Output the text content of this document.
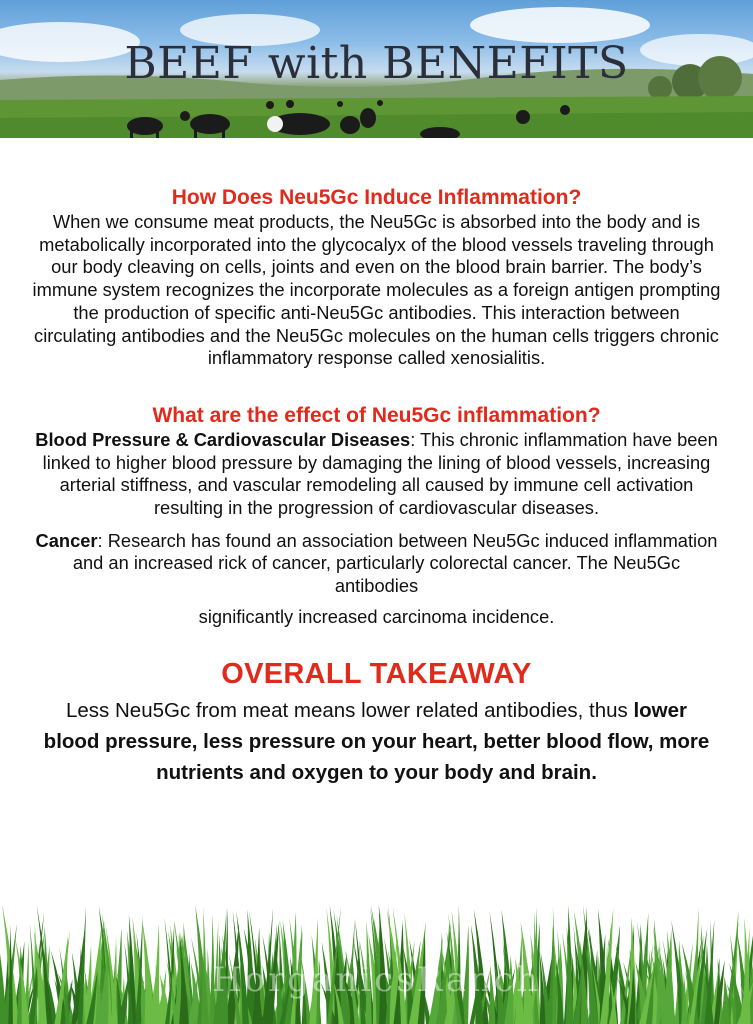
BEEF with BENEFITS
How Does Neu5Gc Induce Inflammation?

When we consume meat products, the Neu5Gc is absorbed into the body and is metabolically incorporated into the glycocalyx of the blood vessels traveling through our body cleaving on cells, joints and even on the blood brain barrier. The body’s immune system recognizes the incorporate molecules as a foreign antigen prompting the production of specific anti-Neu5Gc antibodies. This interaction between circulating antibodies and the Neu5Gc molecules on the human cells triggers chronic inflammatory response called xenosialitis.

What are the effect of Neu5Gc inflammation?

Blood Pressure & Cardiovascular Diseases: This chronic inflammation have been linked to higher blood pressure by damaging the lining of blood vessels, increasing arterial stiffness, and vascular remodeling all caused by immune cell activation resulting in the progression of cardiovascular diseases.

Cancer: Research has found an association between Neu5Gc induced inflammation and an increased rick of cancer, particularly colorectal cancer. The Neu5Gc antibodies
significantly increased carcinoma incidence.

OVERALL TAKEAWAY

Less Neu5Gc from meat means lower related antibodies, thus lower blood pressure, less pressure on your heart, better blood flow, more nutrients and oxygen to your body and brain.

HorganicsRanch
